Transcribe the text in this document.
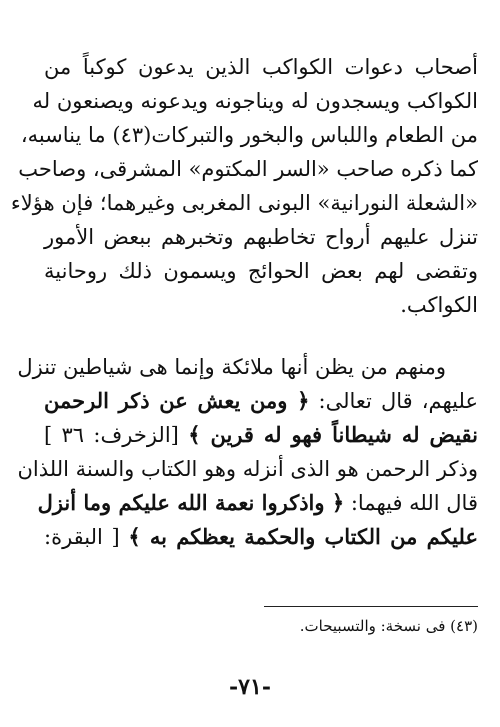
أصحاب دعوات الكواكب الذين يدعون كوكباً من
الكواكب ويسجدون له ويناجونه ويدعونه ويصنعون له
من الطعام واللباس والبخور والتبركات(٤٣) ما يناسبه،
كما ذكره صاحب «السر المكتوم» المشرقى، وصاحب
«الشعلة النورانية» البونى المغربى وغيرهما؛ فإن هؤلاء
تنزل عليهم أرواح تخاطبهم وتخبرهم ببعض الأمور
وتقضى لهم بعض الحوائج ويسمون ذلك روحانية
الكواكب.
ومنهم من يظن أنها ملائكة وإنما هى شياطين تنزل
عليهم، قال تعالى: ﴿ ومن يعش عن ذكر الرحمن
نقيض له شيطاناً فهو له قرين ﴾ [الزخرف: ٣٦ ]
وذكر الرحمن هو الذى أنزله وهو الكتاب والسنة اللذان
قال الله فيهما: ﴿ واذكروا نعمة الله عليكم وما أنزل
عليكم من الكتاب والحكمة يعظكم به ﴾ [ البقرة:
(٤٣) فى نسخة: والتسبيحات.
-٧١-
